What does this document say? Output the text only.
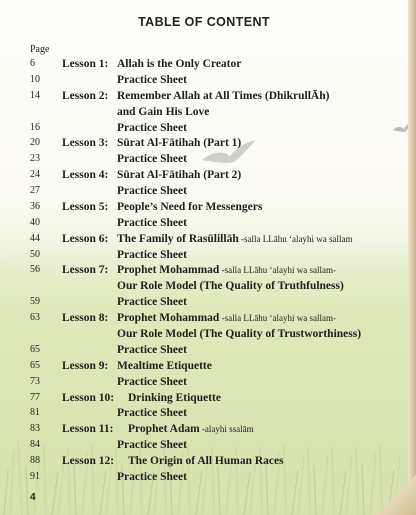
TABLE OF CONTENT
Page
6	Lesson 1: Allah is the Only Creator
10	Practice Sheet
14	Lesson 2: Remember Allah at All Times (DhikrullĀh)
and Gain His Love
16	Practice Sheet
20	Lesson 3: Sūrat Al-Fātihah (Part 1)
23	Practice Sheet
24	Lesson 4: Sūrat Al-Fātihah (Part 2)
27	Practice Sheet
36	Lesson 5: People’s Need for Messengers
40	Practice Sheet
44	Lesson 6: The Family of Rasūlillāh -salla LLāhu ‘alayhi wa sallam
50	Practice Sheet
56	Lesson 7: Prophet Mohammad -salla LLāhu ‘alayhi wa sallam-
Our Role Model (The Quality of Truthfulness)
59	Practice Sheet
63	Lesson 8: Prophet Mohammad -salla LLāhu ‘alayhi wa sallam-
Our Role Model (The Quality of Trustworthiness)
65	Practice Sheet
65	Lesson 9: Mealtime Etiquette
73	Practice Sheet
77	Lesson 10: Drinking Etiquette
81	Practice Sheet
83	Lesson 11: Prophet Adam -alayhi ssalām
84	Practice Sheet
88	Lesson 12: The Origin of All Human Races
91	Practice Sheet
4
